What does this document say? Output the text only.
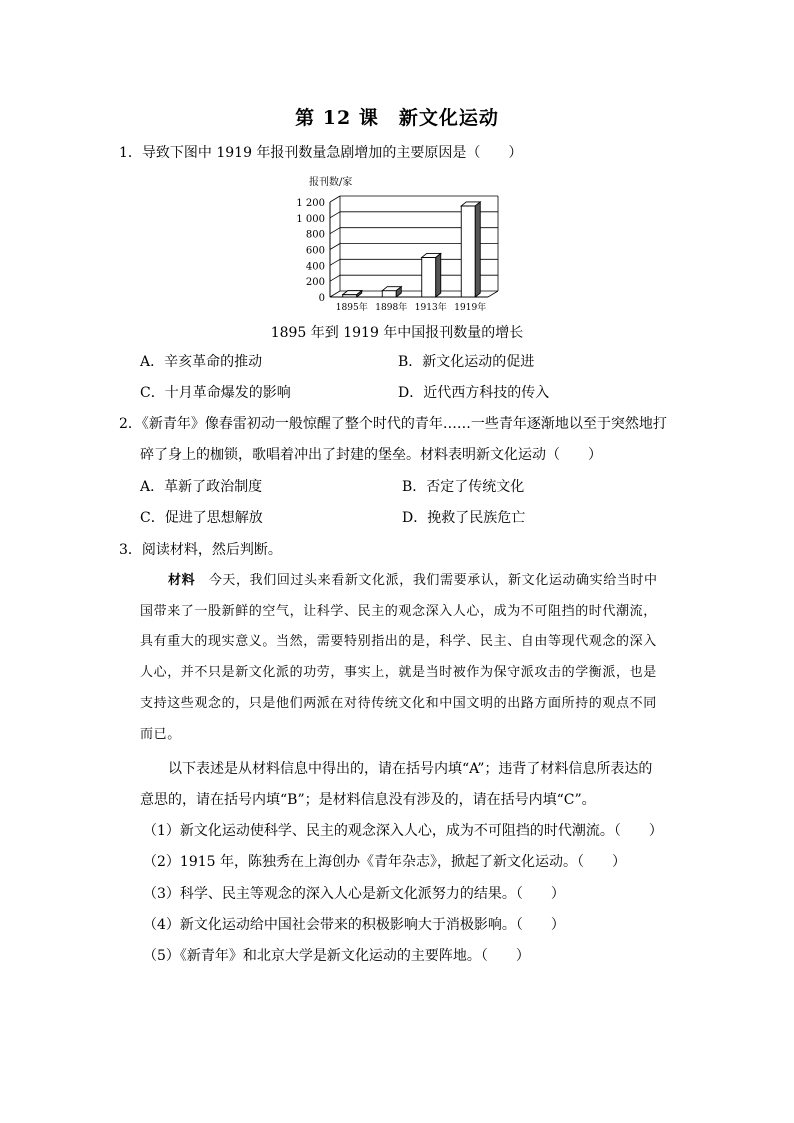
第 12 课　新文化运动
1．导致下图中 1919 年报刊数量急剧增加的主要原因是（　　）
0
200
400
600
800
1 000
1 200
报刊数/家
1895年 1898年 1913年 1919年
1895 年到 1919 年中国报刊数量的增长
A．辛亥革命的推动	B．新文化运动的促进
C．十月革命爆发的影响	D．近代西方科技的传入
2．《新青年》像春雷初动一般惊醒了整个时代的青年……一些青年逐渐地以至于突然地打
碎了身上的枷锁，歌唱着冲出了封建的堡垒。材料表明新文化运动（　　）
A．革新了政治制度	B．否定了传统文化
C．促进了思想解放	D．挽救了民族危亡
3．阅读材料，然后判断。
材料　 今天，我们回过头来看新文化派，我们需要承认，新文化运动确实给当时中
国带来了一股新鲜的空气，让科学、民主的观念深入人心，成为不可阻挡的时代潮流，
具有重大的现实意义。当然，需要特别指出的是，科学、民主、自由等现代观念的深入
人心，并不只是新文化派的功劳，事实上，就是当时被作为保守派攻击的学衡派，也是
支持这些观念的，只是他们两派在对待传统文化和中国文明的出路方面所持的观点不同
而已。
以下表述是从材料信息中得出的，请在括号内填“A”；违背了材料信息所表达的
意思的，请在括号内填“B”；是材料信息没有涉及的，请在括号内填“C”。
（1）新文化运动使科学、民主的观念深入人心，成为不可阻挡的时代潮流。（　　）
（2）1915 年，陈独秀在上海创办《青年杂志》，掀起了新文化运动。（　　）
（3）科学、民主等观念的深入人心是新文化派努力的结果。（　　）
（4）新文化运动给中国社会带来的积极影响大于消极影响。（　　）
（5）《新青年》和北京大学是新文化运动的主要阵地。（　　）
